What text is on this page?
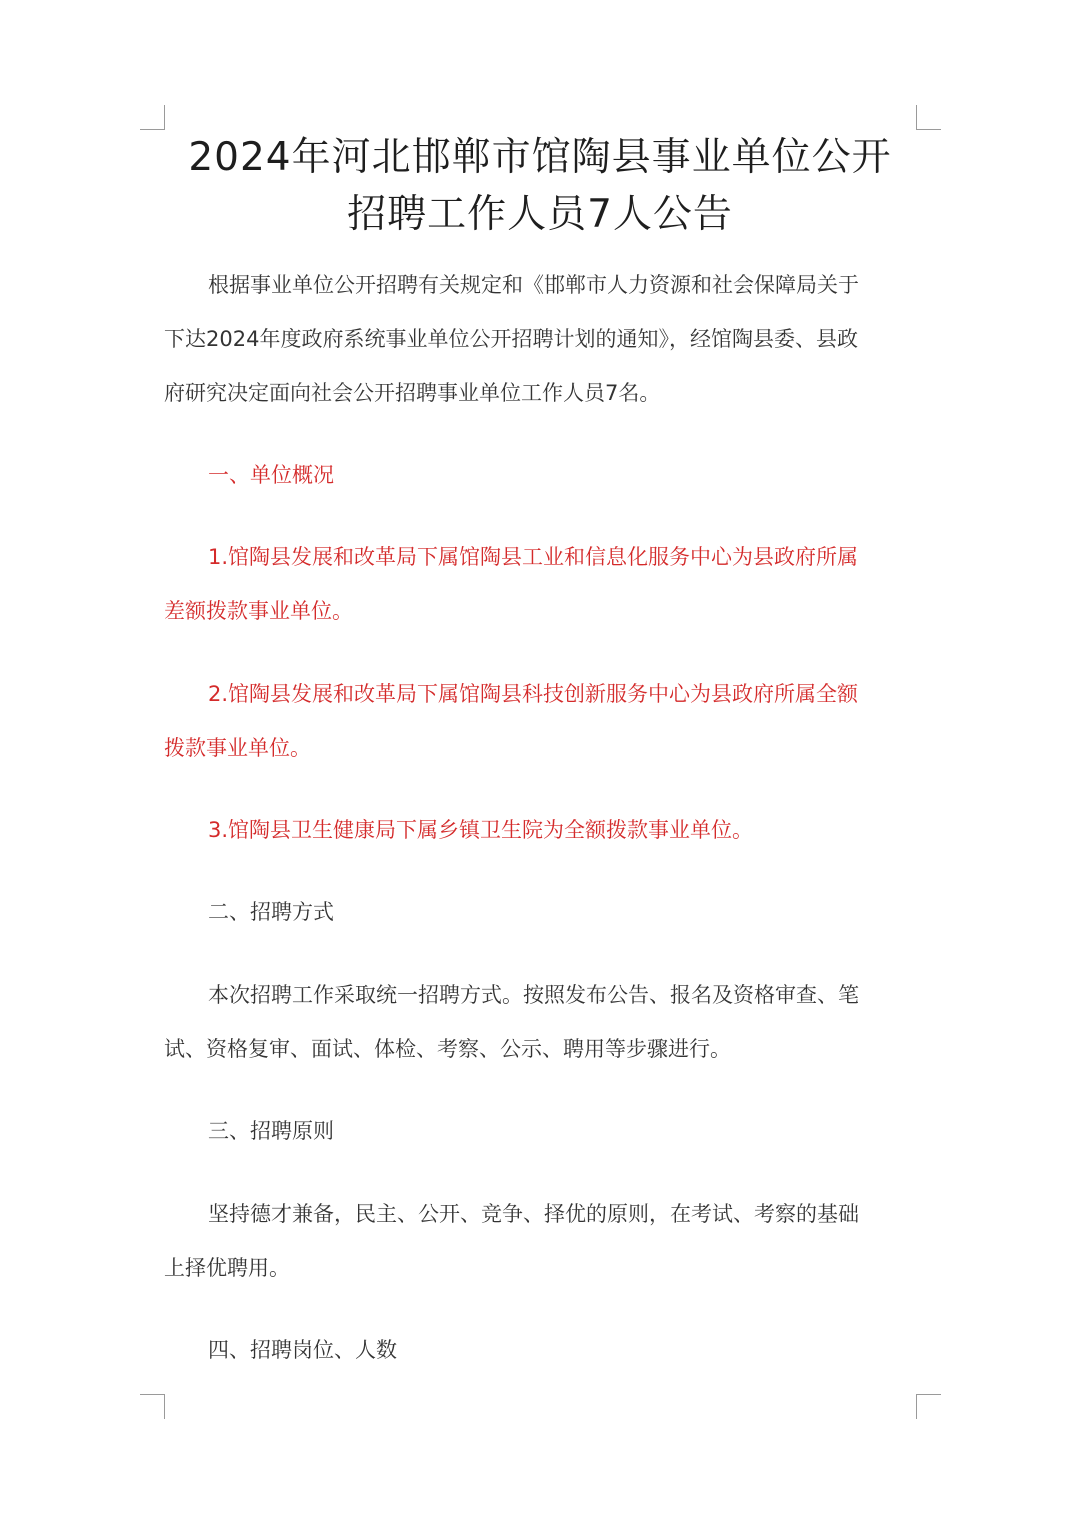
2024年河北邯郸市馆陶县事业单位公开
招聘工作人员7人公告
根据事业单位公开招聘有关规定和《邯郸市人力资源和社会保障局关于
下达2024年度政府系统事业单位公开招聘计划的通知》，经馆陶县委、县政
府研究决定面向社会公开招聘事业单位工作人员7名。
一、单位概况
1.馆陶县发展和改革局下属馆陶县工业和信息化服务中心为县政府所属
差额拨款事业单位。
2.馆陶县发展和改革局下属馆陶县科技创新服务中心为县政府所属全额
拨款事业单位。
3.馆陶县卫生健康局下属乡镇卫生院为全额拨款事业单位。
二、招聘方式
本次招聘工作采取统一招聘方式。按照发布公告、报名及资格审查、笔
试、资格复审、面试、体检、考察、公示、聘用等步骤进行。
三、招聘原则
坚持德才兼备，民主、公开、竞争、择优的原则，在考试、考察的基础
上择优聘用。
四、招聘岗位、人数
